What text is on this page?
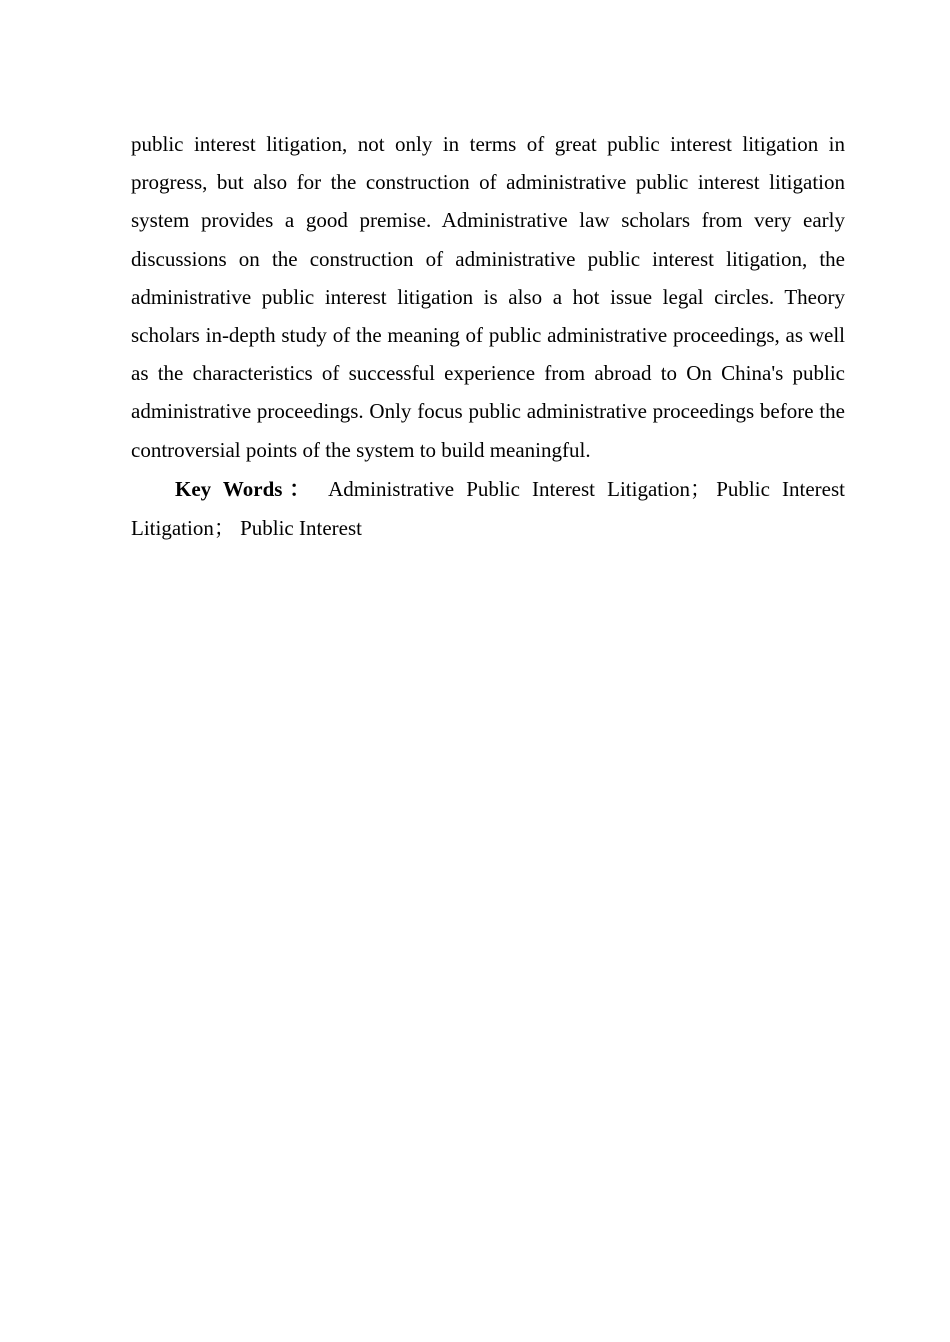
public interest litigation, not only in terms of great public interest litigation in progress, but also for the construction of administrative public interest litigation system provides a good premise. Administrative law scholars from very early discussions on the construction of administrative public interest litigation, the administrative public interest litigation is also a hot issue legal circles. Theory scholars in-depth study of the meaning of public administrative proceedings, as well as the characteristics of successful experience from abroad to On China's public administrative proceedings. Only focus public administrative proceedings before the controversial points of the system to build meaningful.

Key Words： Administrative Public Interest Litigation； Public Interest Litigation； Public Interest
